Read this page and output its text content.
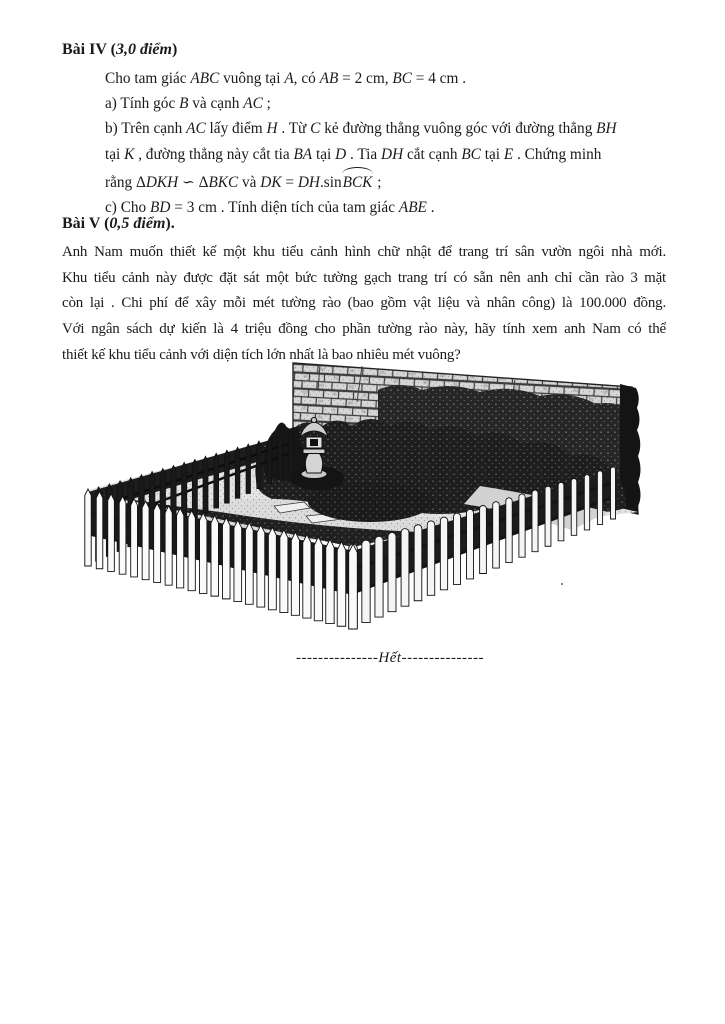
Bài IV (3,0 điểm)
Cho tam giác ABC vuông tại A, có AB = 2 cm, BC = 4 cm .
a) Tính góc B và cạnh AC ;
b) Trên cạnh AC lấy điểm H . Từ C kẻ đường thẳng vuông góc với đường thẳng BH
tại K , đường thẳng này cắt tia BA tại D . Tia DH cắt cạnh BC tại E . Chứng minh
rằng ΔDKH ∽ ΔBKC và DK = DH.sinBCK ;
c) Cho BD = 3 cm . Tính diện tích của tam giác ABE .
Bài V (0,5 điểm).
Anh Nam muốn thiết kế một khu tiểu cảnh hình chữ nhật để trang trí sân vườn ngôi nhà mới.
Khu tiểu cảnh này được đặt sát một bức tường gạch trang trí có sẵn nên anh chỉ cần rào 3 mặt
còn lại . Chi phí để xây mỗi mét tường rào (bao gồm vật liệu và nhân công) là 100.000 đồng.
Với ngân sách dự kiến là 4 triệu đồng cho phần tường rào này, hãy tính xem anh Nam có thể
thiết kế khu tiểu cảnh với diện tích lớn nhất là bao nhiêu mét vuông?
---------------Hết---------------
